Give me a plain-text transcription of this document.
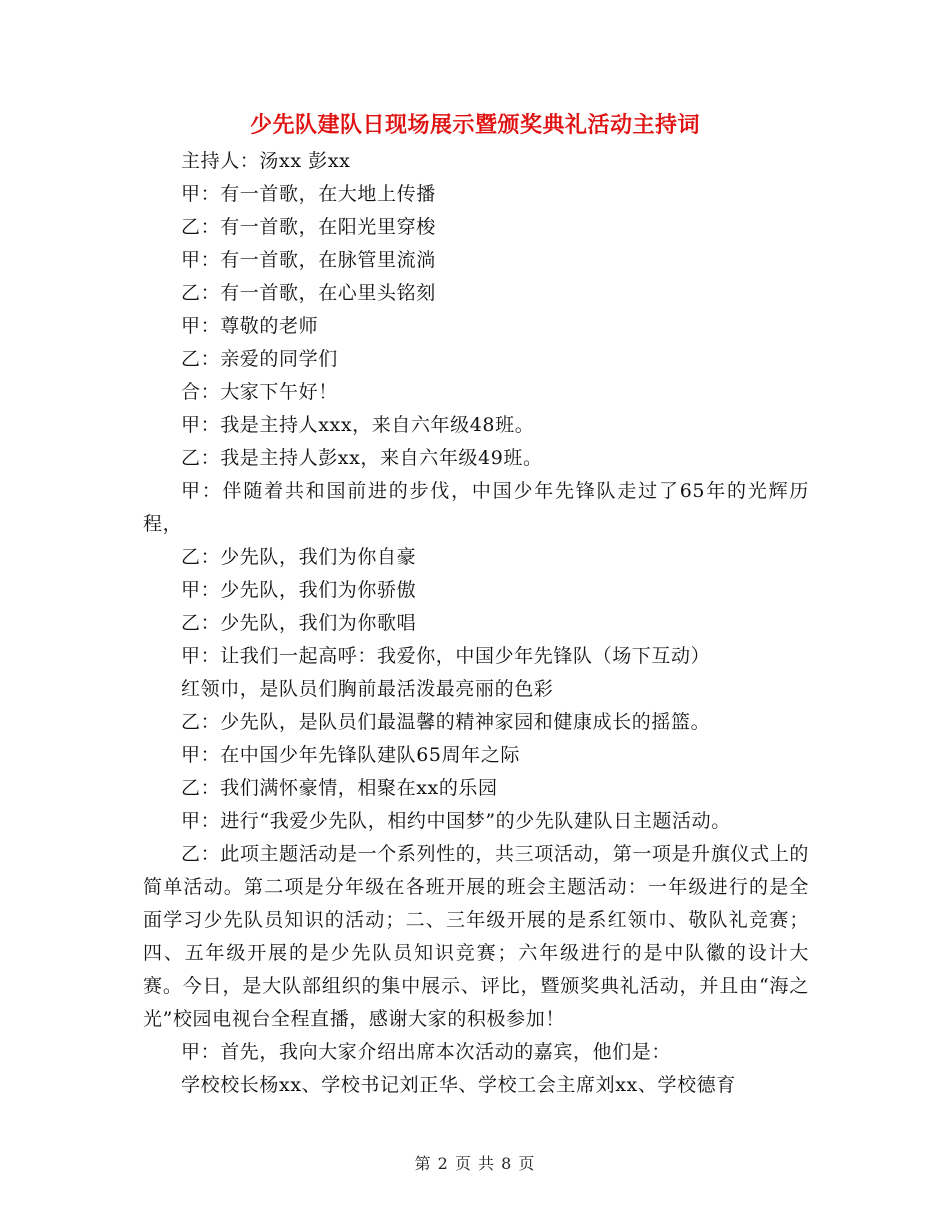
少先队建队日现场展示暨颁奖典礼活动主持词

主持人：汤xx 彭xx

甲：有一首歌，在大地上传播

乙：有一首歌，在阳光里穿梭

甲：有一首歌，在脉管里流淌

乙：有一首歌，在心里头铭刻

甲：尊敬的老师

乙：亲爱的同学们

合：大家下午好！

甲：我是主持人xxx，来自六年级48班。

乙：我是主持人彭xx，来自六年级49班。

甲：伴随着共和国前进的步伐，中国少年先锋队走过了65年的光辉历程，

乙：少先队，我们为你自豪

甲：少先队，我们为你骄傲

乙：少先队，我们为你歌唱

甲：让我们一起高呼：我爱你，中国少年先锋队（场下互动）

红领巾，是队员们胸前最活泼最亮丽的色彩

乙：少先队，是队员们最温馨的精神家园和健康成长的摇篮。

甲：在中国少年先锋队建队65周年之际

乙：我们满怀豪情，相聚在xx的乐园

甲：进行“我爱少先队，相约中国梦”的少先队建队日主题活动。

乙：此项主题活动是一个系列性的，共三项活动，第一项是升旗仪式上的简单活动。第二项是分年级在各班开展的班会主题活动：一年级进行的是全面学习少先队员知识的活动；二、三年级开展的是系红领巾、敬队礼竞赛；四、五年级开展的是少先队员知识竞赛；六年级进行的是中队徽的设计大赛。今日，是大队部组织的集中展示、评比，暨颁奖典礼活动，并且由“海之光”校园电视台全程直播，感谢大家的积极参加！

甲：首先，我向大家介绍出席本次活动的嘉宾，他们是：

学校校长杨xx、学校书记刘正华、学校工会主席刘xx、学校德育

第 2 页 共 8 页
